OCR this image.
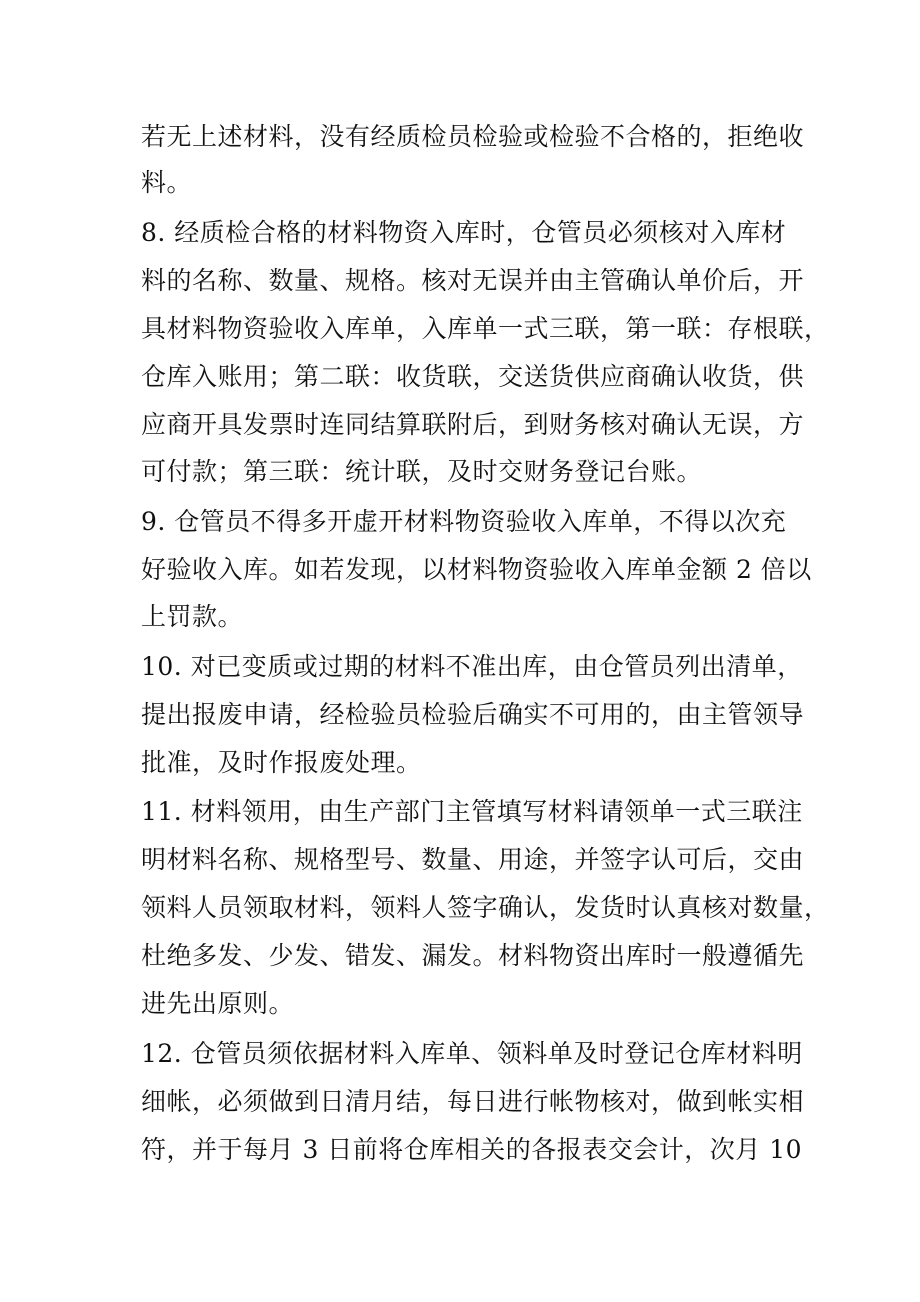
若无上述材料，没有经质检员检验或检验不合格的，拒绝收
料。
8. 经质检合格的材料物资入库时，仓管员必须核对入库材
料的名称、数量、规格。核对无误并由主管确认单价后，开
具材料物资验收入库单，入库单一式三联，第一联：存根联，
仓库入账用；第二联：收货联，交送货供应商确认收货，供
应商开具发票时连同结算联附后，到财务核对确认无误，方
可付款；第三联：统计联，及时交财务登记台账。
9. 仓管员不得多开虚开材料物资验收入库单，不得以次充
好验收入库。如若发现，以材料物资验收入库单金额 2 倍以
上罚款。
10. 对已变质或过期的材料不准出库，由仓管员列出清单，
提出报废申请，经检验员检验后确实不可用的，由主管领导
批准，及时作报废处理。
11. 材料领用，由生产部门主管填写材料请领单一式三联注
明材料名称、规格型号、数量、用途，并签字认可后，交由
领料人员领取材料，领料人签字确认，发货时认真核对数量，
杜绝多发、少发、错发、漏发。材料物资出库时一般遵循先
进先出原则。
12. 仓管员须依据材料入库单、领料单及时登记仓库材料明
细帐，必须做到日清月结，每日进行帐物核对，做到帐实相
符，并于每月 3 日前将仓库相关的各报表交会计，次月 10
